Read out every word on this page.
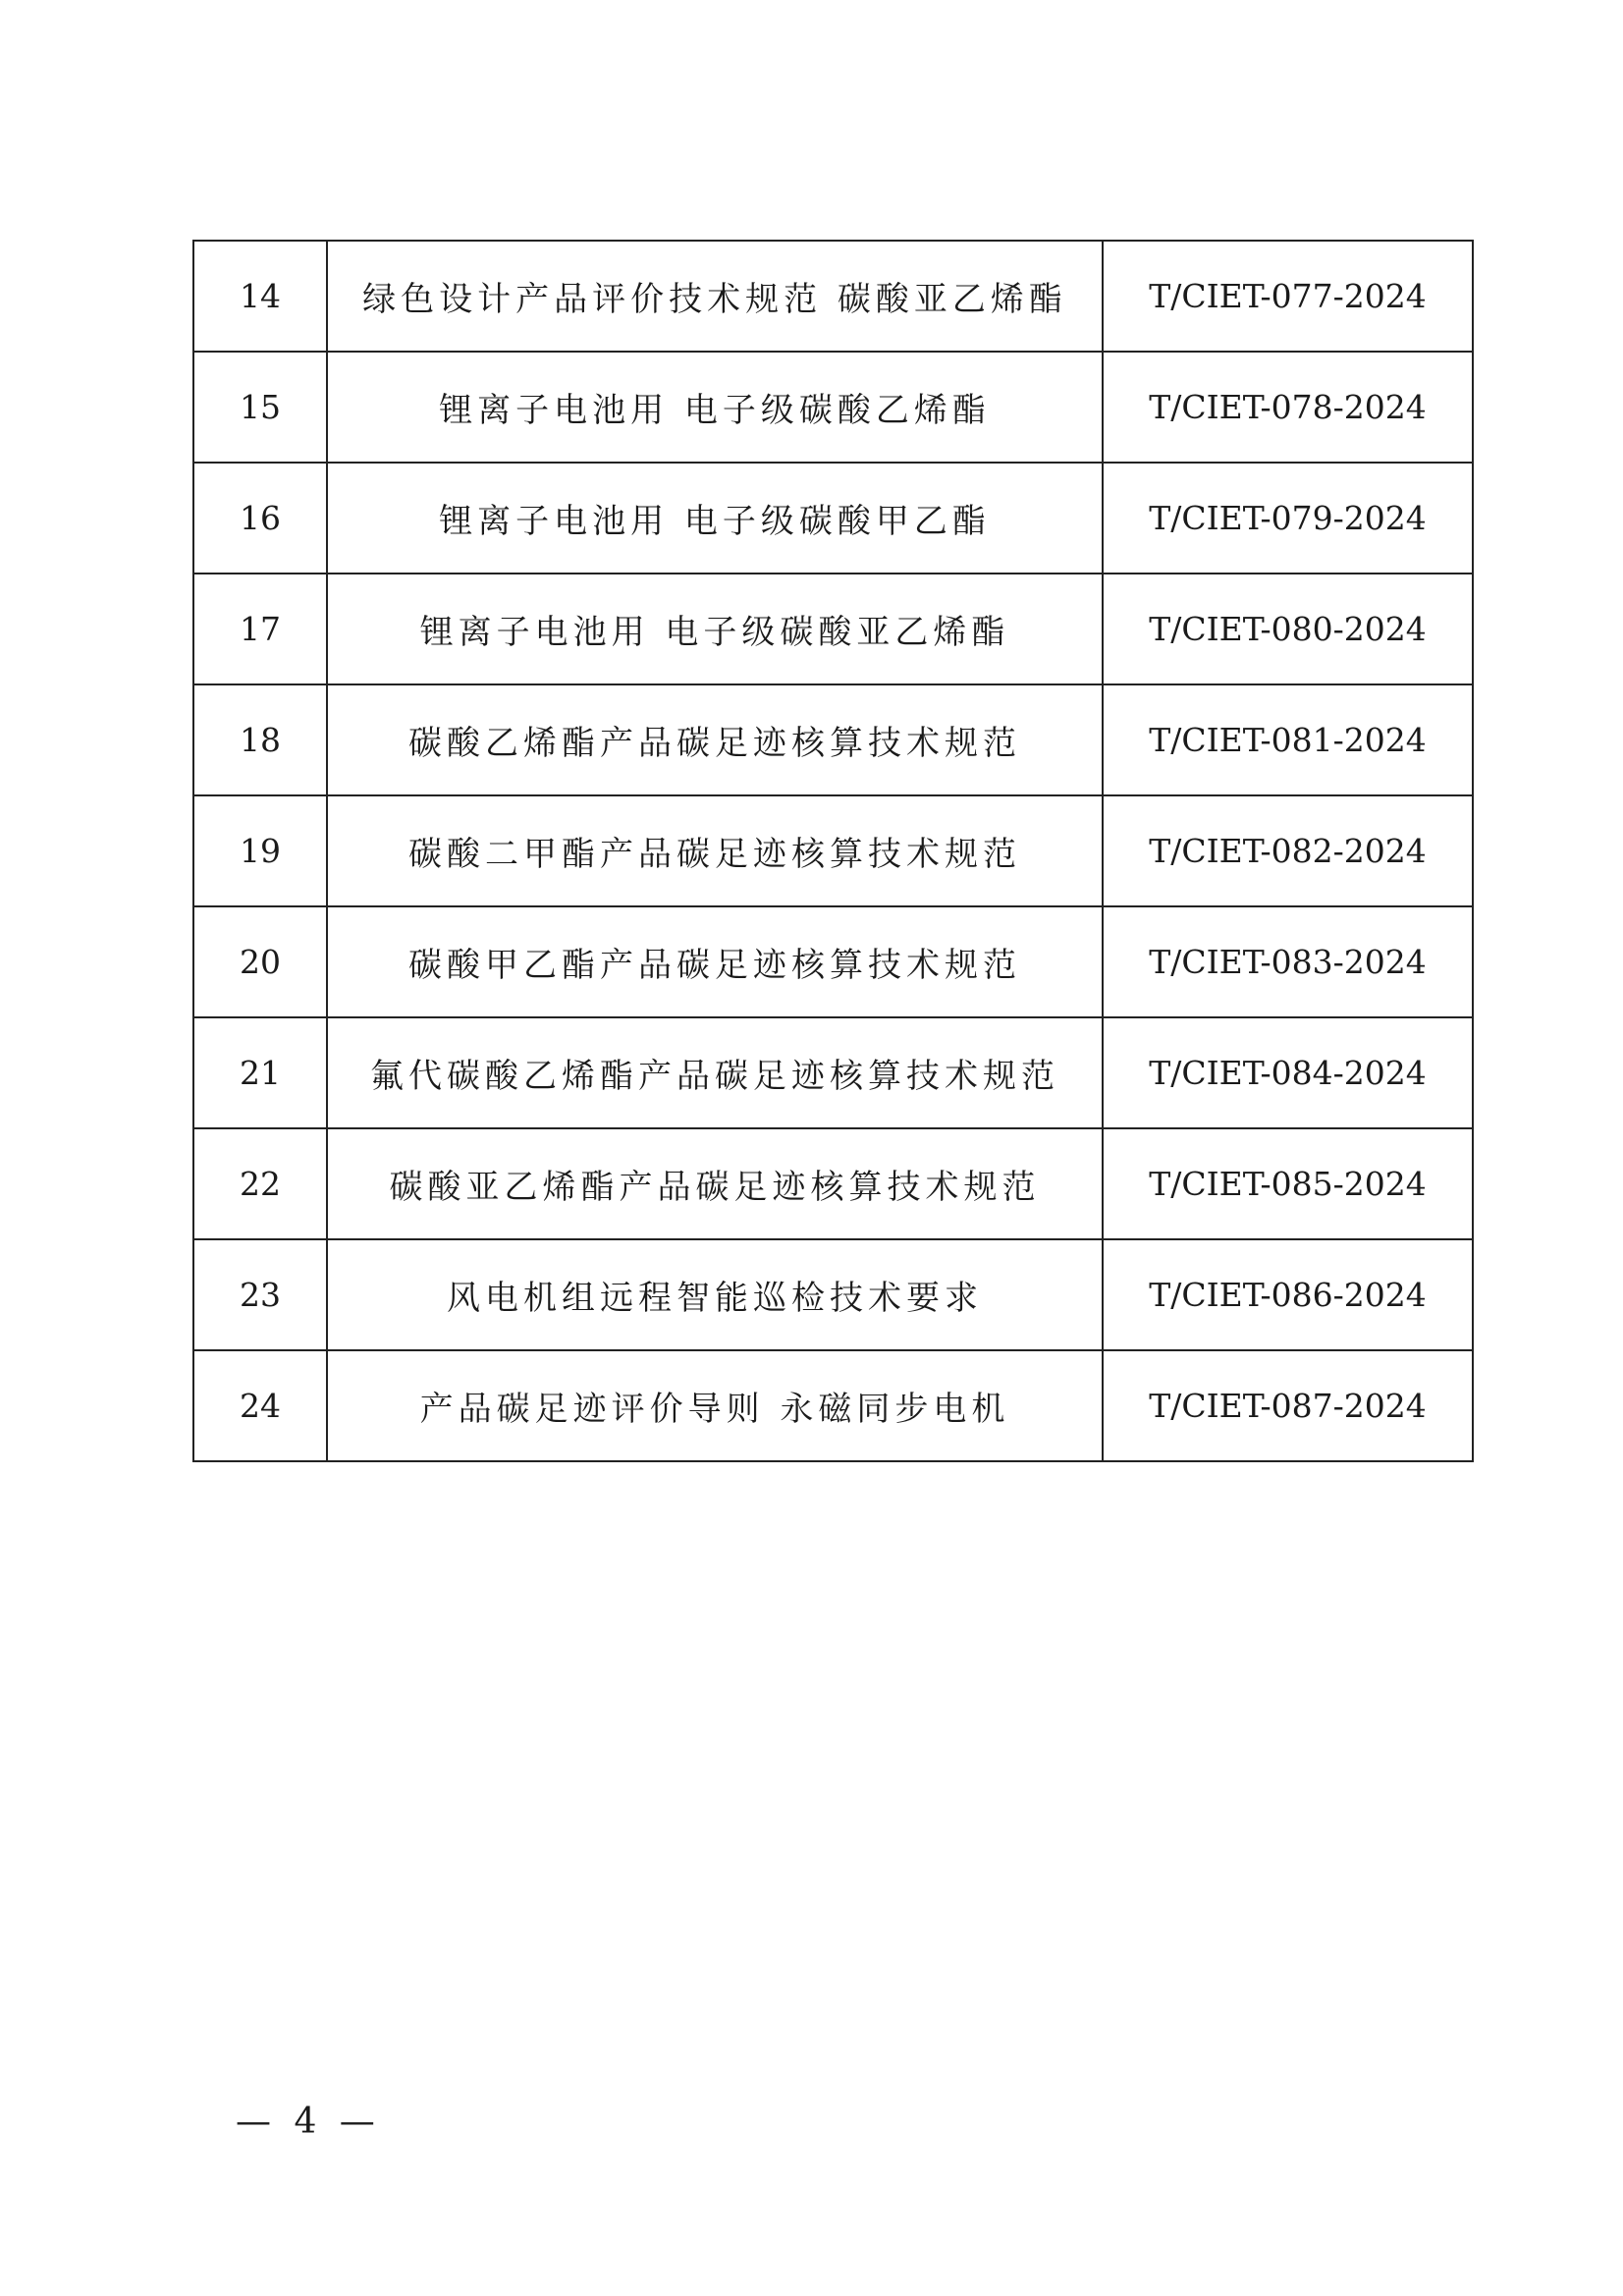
14	绿色设计产品评价技术规范 碳酸亚乙烯酯	T/CIET-077-2024
15	锂离子电池用 电子级碳酸乙烯酯	T/CIET-078-2024
16	锂离子电池用 电子级碳酸甲乙酯	T/CIET-079-2024
17	锂离子电池用 电子级碳酸亚乙烯酯	T/CIET-080-2024
18	碳酸乙烯酯产品碳足迹核算技术规范	T/CIET-081-2024
19	碳酸二甲酯产品碳足迹核算技术规范	T/CIET-082-2024
20	碳酸甲乙酯产品碳足迹核算技术规范	T/CIET-083-2024
21	氟代碳酸乙烯酯产品碳足迹核算技术规范	T/CIET-084-2024
22	碳酸亚乙烯酯产品碳足迹核算技术规范	T/CIET-085-2024
23	风电机组远程智能巡检技术要求	T/CIET-086-2024
24	产品碳足迹评价导则 永磁同步电机	T/CIET-087-2024
— 4 —
